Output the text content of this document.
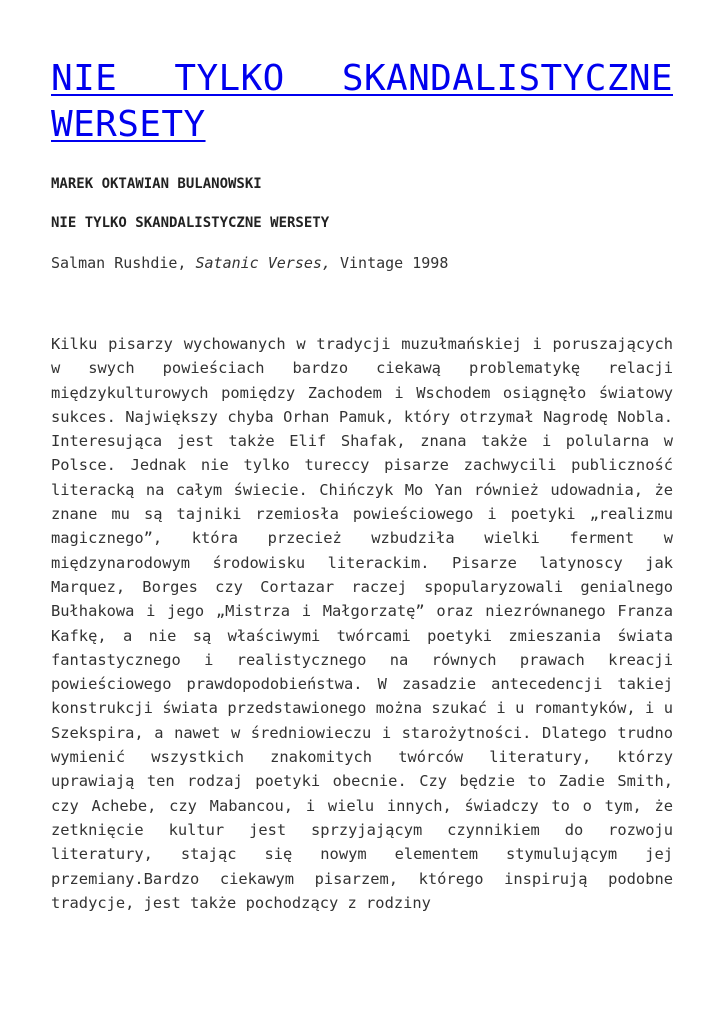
NIE TYLKO SKANDALISTYCZNE WERSETY
MAREK OKTAWIAN BULANOWSKI
NIE TYLKO SKANDALISTYCZNE WERSETY
Salman Rushdie, Satanic Verses, Vintage 1998

Kilku pisarzy wychowanych w tradycji muzułmańskiej i poruszających w swych powieściach bardzo ciekawą problematykę relacji międzykulturowych pomiędzy Zachodem i Wschodem osiągnęło światowy sukces. Największy chyba Orhan Pamuk, który otrzymał Nagrodę Nobla. Interesująca jest także Elif Shafak, znana także i polularna w Polsce. Jednak nie tylko tureccy pisarze zachwycili publiczność literacką na całym świecie. Chińczyk Mo Yan również udowadnia, że znane mu są tajniki rzemiosła powieściowego i poetyki „realizmu magicznego”, która przecież wzbudziła wielki ferment w międzynarodowym środowisku literackim. Pisarze latynoscy jak Marquez, Borges czy Cortazar raczej spopularyzowali genialnego Bułhakowa i jego „Mistrza i Małgorzatę” oraz niezrównanego Franza Kafkę, a nie są właściwymi twórcami poetyki zmieszania świata fantastycznego i realistycznego na równych prawach kreacji powieściowego prawdopodobieństwa. W zasadzie antecedencji takiej konstrukcji świata przedstawionego można szukać i u romantyków, i u Szekspira, a nawet w średniowieczu i starożytności. Dlatego trudno wymienić wszystkich znakomitych twórców literatury, którzy uprawiają ten rodzaj poetyki obecnie. Czy będzie to Zadie Smith, czy Achebe, czy Mabancou, i wielu innych, świadczy to o tym, że zetknięcie kultur jest sprzyjającym czynnikiem do rozwoju literatury, stając się nowym elementem stymulującym jej przemiany.Bardzo ciekawym pisarzem, którego inspirują podobne tradycje, jest także pochodzący z rodziny
